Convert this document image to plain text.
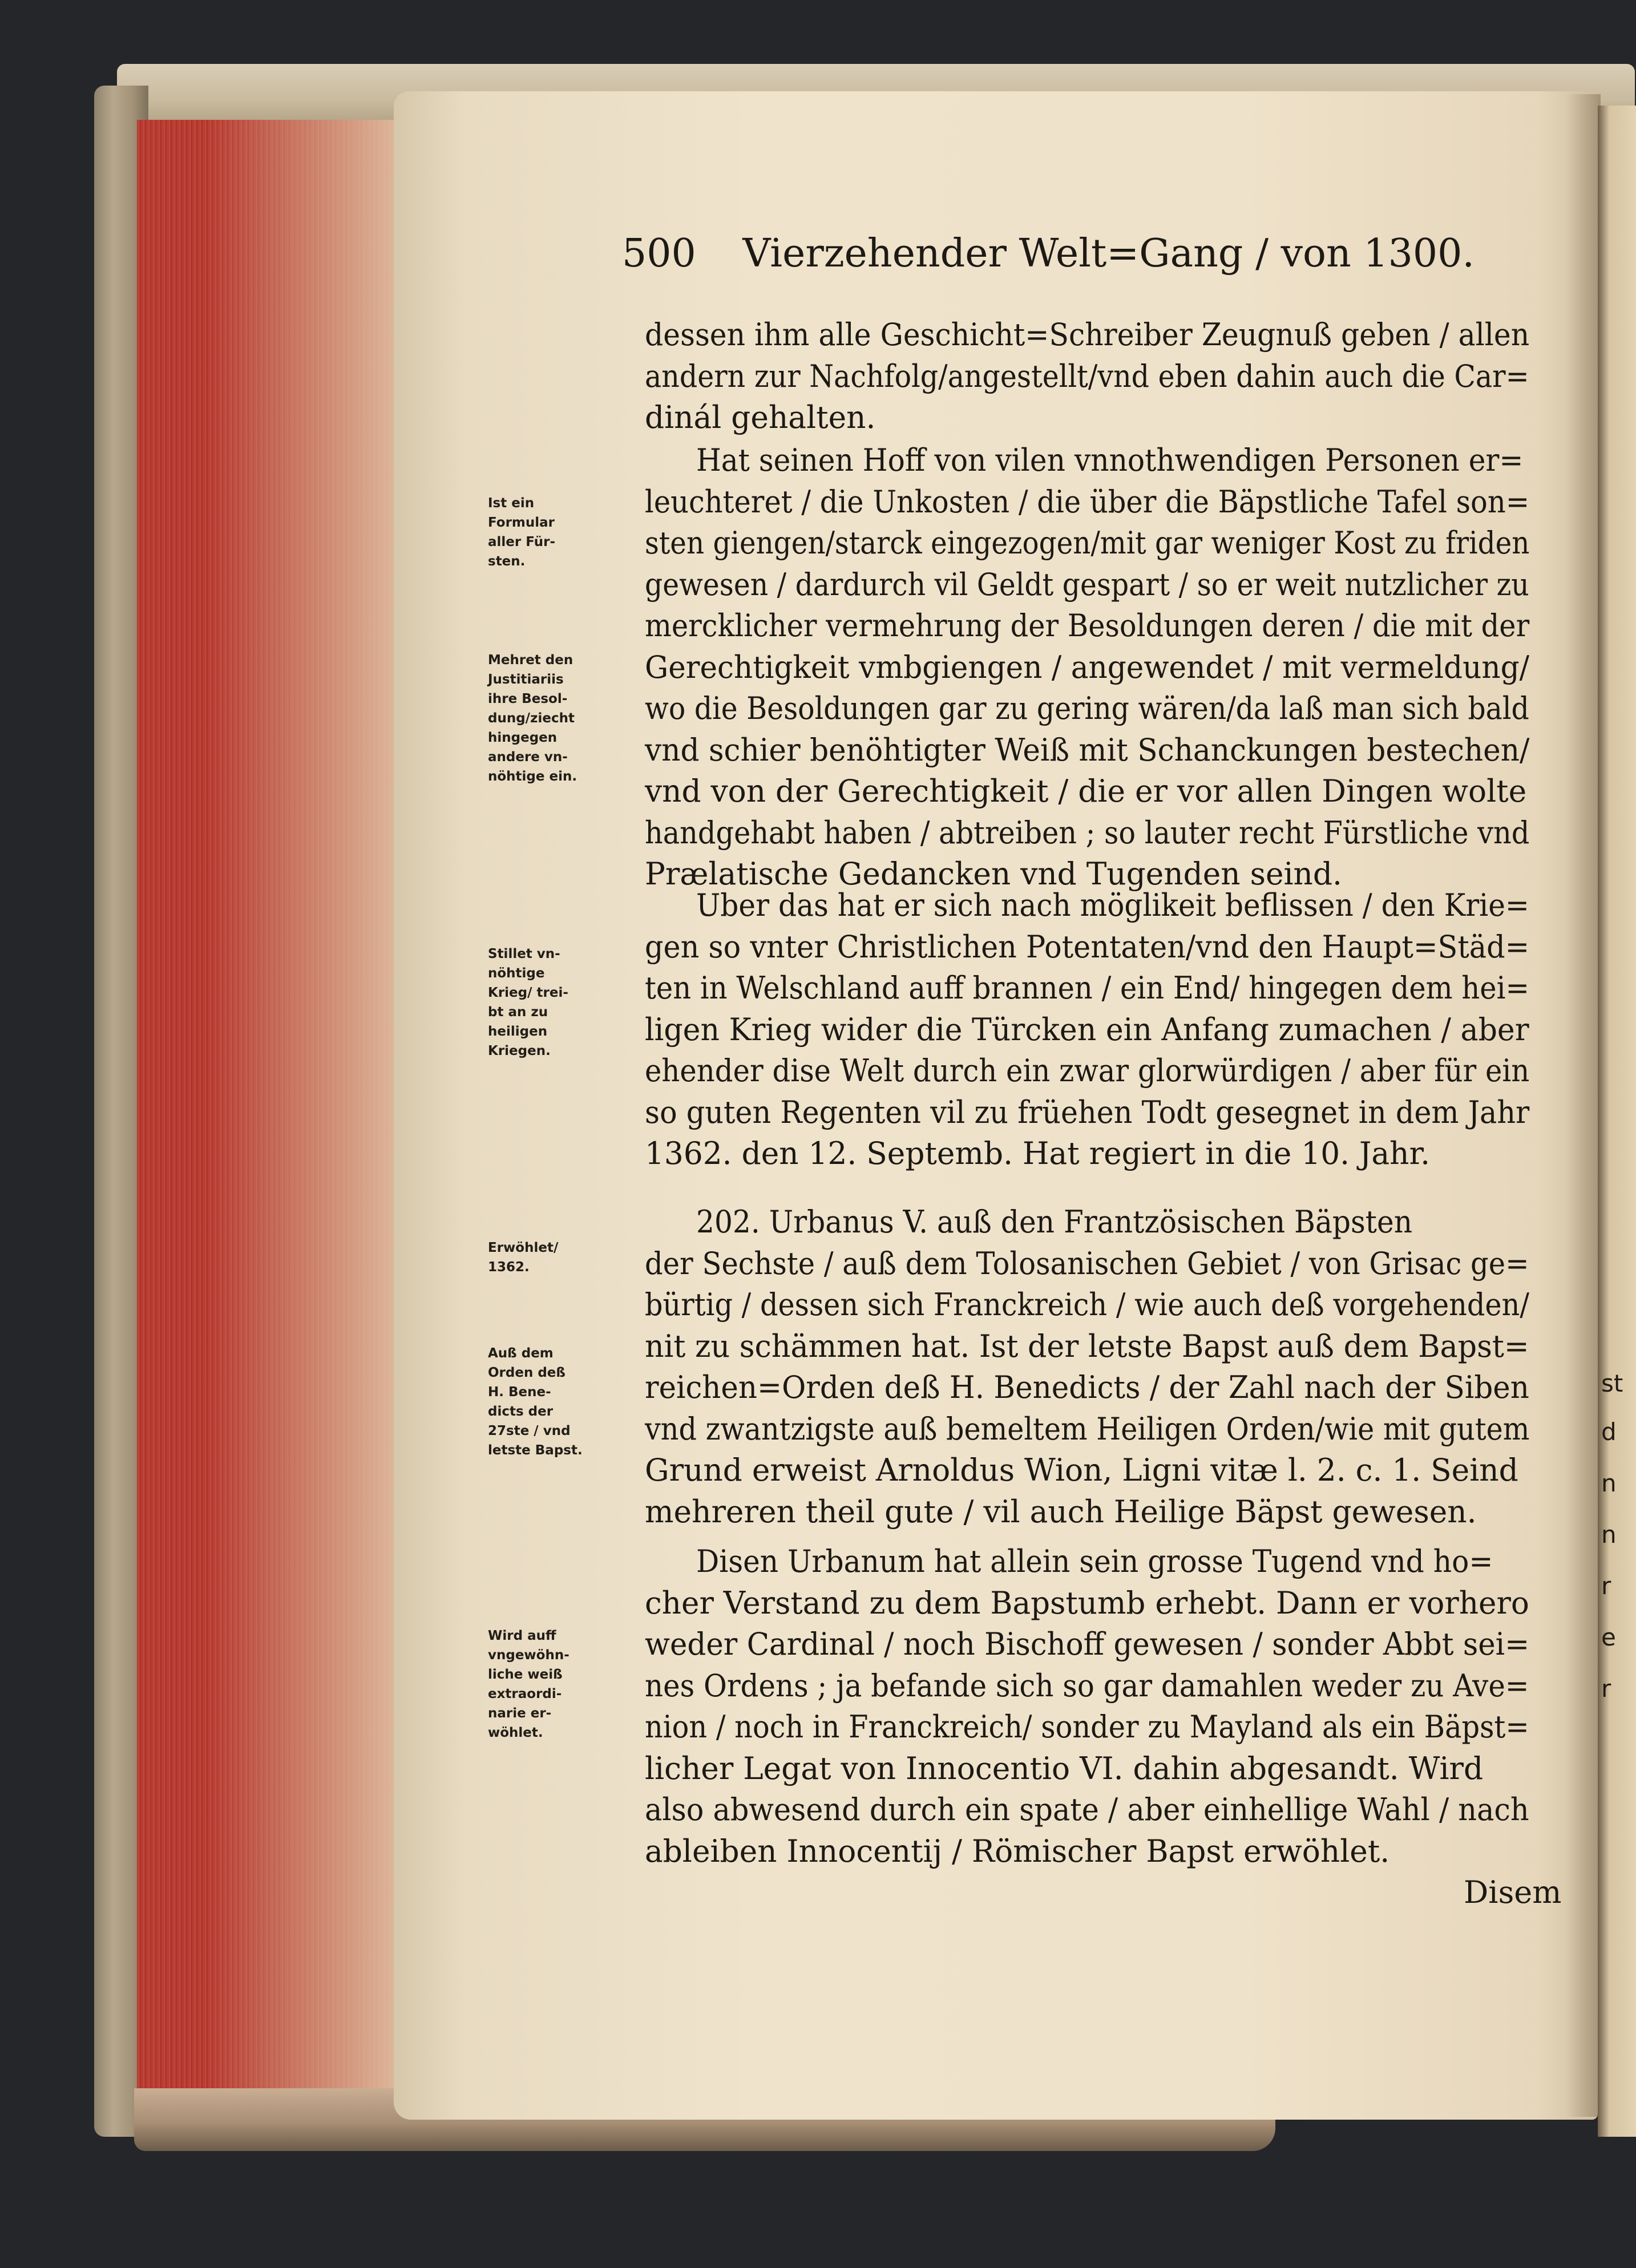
st
d
n
n
r
e
r
500 Vierzehender Welt=Gang / von 1300.
dessen ihm alle Geschicht=Schreiber Zeugnuß geben / allen
andern zur Nachfolg/angestellt/vnd eben dahin auch die Car=
dinál gehalten.
Hat seinen Hoff von vilen vnnothwendigen Personen er=
leuchteret / die Unkosten / die über die Bäpstliche Tafel son=
sten giengen/starck eingezogen/mit gar weniger Kost zu friden
gewesen / dardurch vil Geldt gespart / so er weit nutzlicher zu
mercklicher vermehrung der Besoldungen deren / die mit der
Gerechtigkeit vmbgiengen / angewendet / mit vermeldung/
wo die Besoldungen gar zu gering wären/da laß man sich bald
vnd schier benöhtigter Weiß mit Schanckungen bestechen/
vnd von der Gerechtigkeit / die er vor allen Dingen wolte
handgehabt haben / abtreiben ; so lauter recht Fürstliche vnd
Prælatische Gedancken vnd Tugenden seind.
Uber das hat er sich nach möglikeit beflissen / den Krie=
gen so vnter Christlichen Potentaten/vnd den Haupt=Städ=
ten in Welschland auff brannen / ein End/ hingegen dem hei=
ligen Krieg wider die Türcken ein Anfang zumachen / aber
ehender dise Welt durch ein zwar glorwürdigen / aber für ein
so guten Regenten vil zu früehen Todt gesegnet in dem Jahr
1362. den 12. Septemb. Hat regiert in die 10. Jahr.
202. Urbanus V. auß den Frantzösischen Bäpsten
der Sechste / auß dem Tolosanischen Gebiet / von Grisac ge=
bürtig / dessen sich Franckreich / wie auch deß vorgehenden/
nit zu schämmen hat. Ist der letste Bapst auß dem Bapst=
reichen=Orden deß H. Benedicts / der Zahl nach der Siben
vnd zwantzigste auß bemeltem Heiligen Orden/wie mit gutem
Grund erweist Arnoldus Wion, Ligni vitæ l. 2. c. 1. Seind
mehreren theil gute / vil auch Heilige Bäpst gewesen.
Disen Urbanum hat allein sein grosse Tugend vnd ho=
cher Verstand zu dem Bapstumb erhebt. Dann er vorhero
weder Cardinal / noch Bischoff gewesen / sonder Abbt sei=
nes Ordens ; ja befande sich so gar damahlen weder zu Ave=
nion / noch in Franckreich/ sonder zu Mayland als ein Bäpst=
licher Legat von Innocentio VI. dahin abgesandt. Wird
also abwesend durch ein spate / aber einhellige Wahl / nach
ableiben Innocentij / Römischer Bapst erwöhlet.
Ist ein
Formular
aller Für-
sten.
Mehret den
Justitiariis
ihre Besol-
dung/ziecht
hingegen
andere vn-
nöhtige ein.
Stillet vn-
nöhtige
Krieg/ trei-
bt an zu
heiligen
Kriegen.
Erwöhlet/
1362.
Auß dem
Orden deß
H. Bene-
dicts der
27ste / vnd
letste Bapst.
Wird auff
vngewöhn-
liche weiß
extraordi-
narie er-
wöhlet.
Disem
